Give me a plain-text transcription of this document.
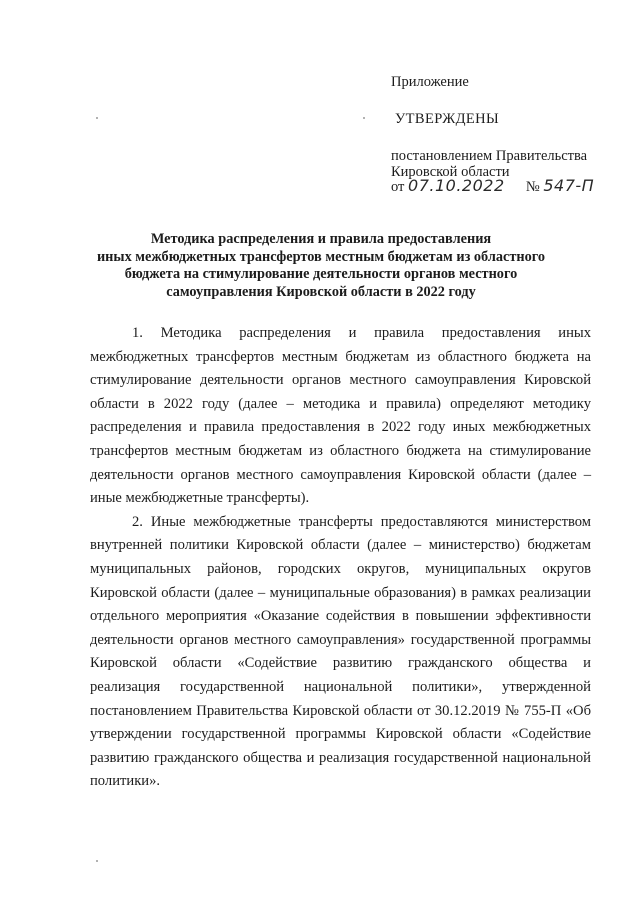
Приложение
УТВЕРЖДЕНЫ
постановлением Правительства
Кировской области
от 07.10.2022 № 547-П
Методика распределения и правила предоставления
иных межбюджетных трансфертов местным бюджетам из областного
бюджета на стимулирование деятельности органов местного
самоуправления Кировской области в 2022 году

1. Методика распределения и правила предоставления иных межбюджетных трансфертов местным бюджетам из областного бюджета на стимулирование деятельности органов местного самоуправления Кировской области в 2022 году (далее – методика и правила) определяют методику распределения и правила предоставления в 2022 году иных межбюджетных трансфертов местным бюджетам из областного бюджета на стимулирование деятельности органов местного самоуправления Кировской области (далее – иные межбюджетные трансферты).

2. Иные межбюджетные трансферты предоставляются министерством внутренней политики Кировской области (далее – министерство) бюджетам муниципальных районов, городских округов, муниципальных округов Кировской области (далее – муниципальные образования) в рамках реализации отдельного мероприятия «Оказание содействия в повышении эффективности деятельности органов местного самоуправления» государственной программы Кировской области «Содействие развитию гражданского общества и реализация государственной национальной политики», утвержденной постановлением Правительства Кировской области от 30.12.2019 № 755-П «Об утверждении государственной программы Кировской области «Содействие развитию гражданского общества и реализация государственной национальной политики».
